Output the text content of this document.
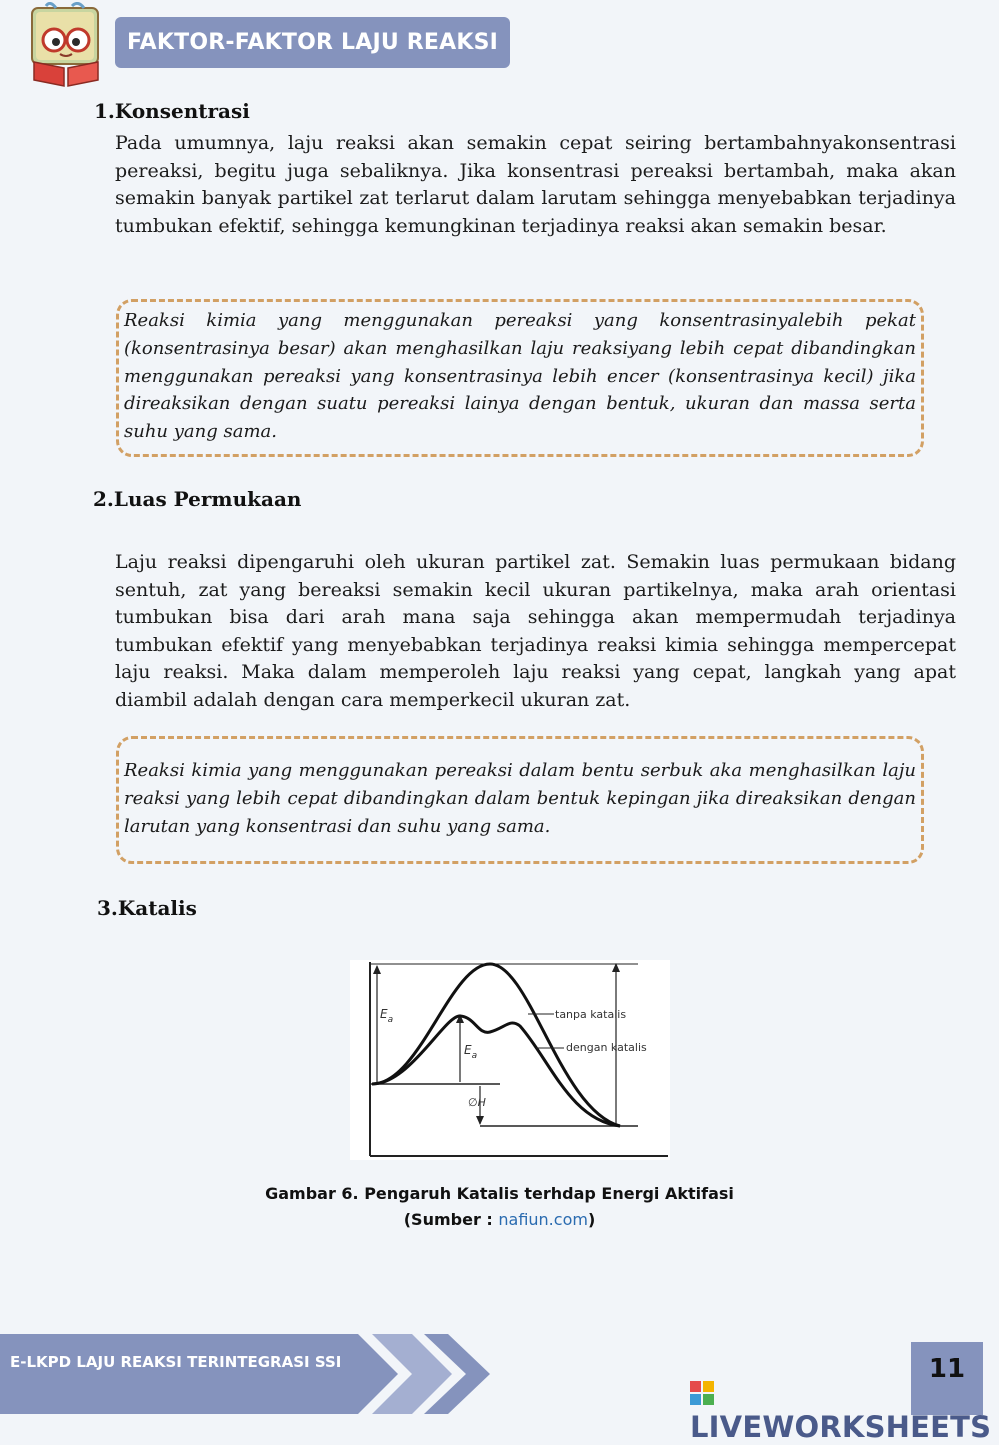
FAKTOR-FAKTOR LAJU REAKSI
1.Konsentrasi
Pada umumnya, laju reaksi akan semakin cepat seiring bertambahnyakonsentrasi pereaksi, begitu juga sebaliknya. Jika konsentrasi pereaksi bertambah, maka akan semakin banyak partikel zat terlarut dalam larutam sehingga menyebabkan terjadinya tumbukan efektif, sehingga kemungkinan terjadinya reaksi akan semakin besar.
Reaksi kimia yang menggunakan pereaksi yang konsentrasinyalebih pekat (konsentrasinya besar) akan menghasilkan laju reaksiyang lebih cepat dibandingkan menggunakan pereaksi yang konsentrasinya lebih encer (konsentrasinya kecil) jika direaksikan dengan suatu pereaksi lainya dengan bentuk, ukuran dan massa serta suhu yang sama.
2.Luas Permukaan
Laju reaksi dipengaruhi oleh ukuran partikel zat. Semakin luas permukaan bidang sentuh, zat yang bereaksi semakin kecil ukuran partikelnya, maka arah orientasi tumbukan bisa dari arah mana saja sehingga akan mempermudah terjadinya tumbukan efektif yang menyebabkan terjadinya reaksi kimia sehingga mempercepat laju reaksi. Maka dalam memperoleh laju reaksi yang cepat, langkah yang apat diambil adalah dengan cara memperkecil ukuran zat.
Reaksi kimia yang menggunakan pereaksi dalam bentu serbuk aka menghasilkan laju reaksi yang lebih cepat dibandingkan dalam bentuk kepingan jika direaksikan dengan larutan yang konsentrasi dan suhu yang sama.
3.Katalis
$E_a$
$E_a$
∅H
tanpa katalis
dengan katalis
Gambar 6. Pengaruh Katalis terhdap Energi Aktifasi
(Sumber : nafiun.com)
E-LKPD LAJU REAKSI TERINTEGRASI SSI	11
LIVEWORKSHEETS
